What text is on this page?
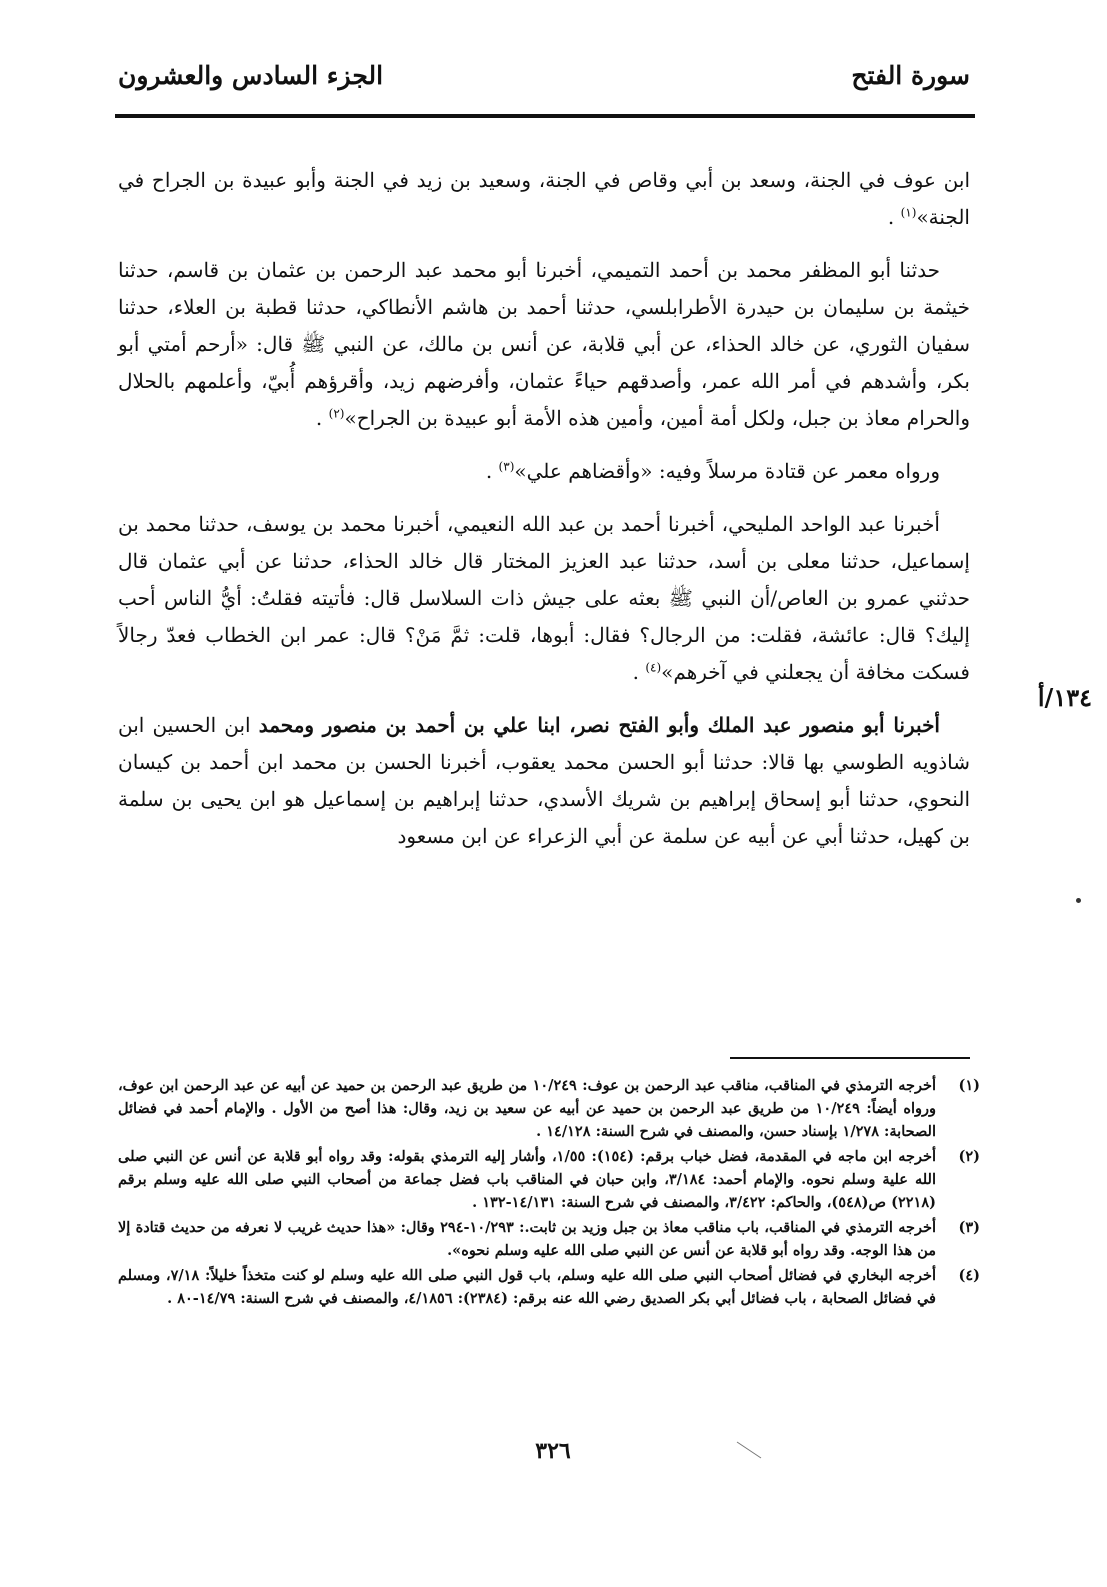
سورة الفتح
الجزء السادس والعشرون

ابن عوف في الجنة، وسعد بن أبي وقاص في الجنة، وسعيد بن زيد في الجنة وأبو عبيدة بن الجراح في الجنة»$^{(١)}$ .

حدثنا أبو المظفر محمد بن أحمد التميمي، أخبرنا أبو محمد عبد الرحمن بن عثمان بن قاسم، حدثنا خيثمة بن سليمان بن حيدرة الأطرابلسي، حدثنا أحمد بن هاشم الأنطاكي، حدثنا قطبة بن العلاء، حدثنا سفيان الثوري، عن خالد الحذاء، عن أبي قلابة، عن أنس بن مالك، عن النبي ﷺ قال: «أرحم أمتي أبو بكر، وأشدهم في أمر الله عمر، وأصدقهم حياءً عثمان، وأفرضهم زيد، وأقرؤهم أُبيّ، وأعلمهم بالحلال والحرام معاذ بن جبل، ولكل أمة أمين، وأمين هذه الأمة أبو عبيدة بن الجراح»$^{(٢)}$ .

ورواه معمر عن قتادة مرسلاً وفيه: «وأقضاهم علي»$^{(٣)}$ .

أخبرنا عبد الواحد المليحي، أخبرنا أحمد بن عبد الله النعيمي، أخبرنا محمد بن يوسف، حدثنا محمد بن إسماعيل، حدثنا معلى بن أسد، حدثنا عبد العزيز المختار قال خالد الحذاء، حدثنا عن أبي عثمان قال حدثني عمرو بن العاص/أن النبي ﷺ بعثه على جيش ذات السلاسل قال: فأتيته فقلتُ: أيُّ الناس أحب إليك؟ قال: عائشة، فقلت: من الرجال؟ فقال: أبوها، قلت: ثمَّ مَنْ؟ قال: عمر ابن الخطاب فعدّ رجالاً فسكت مخافة أن يجعلني في آخرهم»$^{(٤)}$ .

أخبرنا أبو منصور عبد الملك وأبو الفتح نصر، ابنا علي بن أحمد بن منصور ومحمد ابن الحسين ابن شاذويه الطوسي بها قالا: حدثنا أبو الحسن محمد يعقوب، أخبرنا الحسن بن محمد ابن أحمد بن كيسان النحوي، حدثنا أبو إسحاق إبراهيم بن شريك الأسدي، حدثنا إبراهيم بن إسماعيل هو ابن يحيى بن سلمة بن كهيل، حدثنا أبي عن أبيه عن سلمة عن أبي الزعراء عن ابن مسعود

١٣٤/أ
(١)
أخرجه الترمذي في المناقب، مناقب عبد الرحمن بن عوف: ١٠/٢٤٩ من طريق عبد الرحمن بن حميد عن أبيه عن عبد الرحمن ابن عوف، ورواه أيضاً: ١٠/٢٤٩ من طريق عبد الرحمن بن حميد عن أبيه عن سعيد بن زيد، وقال: هذا أصح من الأول . والإمام أحمد في فضائل الصحابة: ١/٢٧٨ بإسناد حسن، والمصنف في شرح السنة: ١٤/١٢٨ .
(٢)
أخرجه ابن ماجه في المقدمة، فضل خباب برقم: (١٥٤): ١/٥٥، وأشار إليه الترمذي بقوله: وقد رواه أبو قلابة عن أنس عن النبي صلى الله علية وسلم نحوه. والإمام أحمد: ٣/١٨٤، وابن حبان في المناقب باب فضل جماعة من أصحاب النبي صلى الله عليه وسلم برقم (٢٢١٨) ص(٥٤٨)، والحاكم: ٣/٤٢٢، والمصنف في شرح السنة: ١٤/١٣١-١٣٢ .
(٣)
أخرجه الترمذي في المناقب، باب مناقب معاذ بن جبل وزيد بن ثابت.: ١٠/٢٩٣-٢٩٤ وقال: «هذا حديث غريب لا نعرفه من حديث قتادة إلا من هذا الوجه. وقد رواه أبو قلابة عن أنس عن النبي صلى الله عليه وسلم نحوه».
(٤)
أخرجه البخاري في فضائل أصحاب النبي صلى الله عليه وسلم، باب قول النبي صلى الله عليه وسلم لو كنت متخذاً خليلاً: ٧/١٨، ومسلم في فضائل الصحابة ، باب فضائل أبي بكر الصديق رضي الله عنه برقم: (٢٣٨٤): ٤/١٨٥٦، والمصنف في شرح السنة: ١٤/٧٩-٨٠ .
٣٢٦
